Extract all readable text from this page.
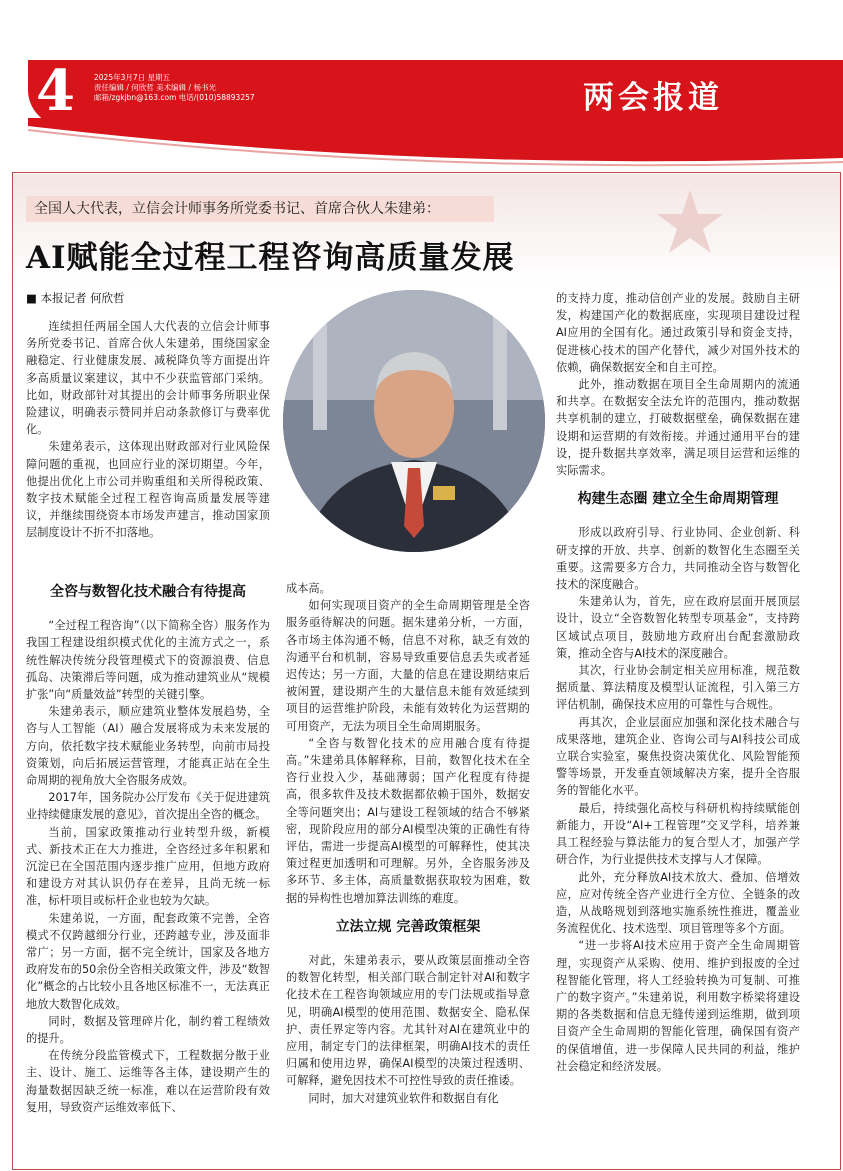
4	2025年3月7日 星期五
责任编辑 / 何欣哲 美术编辑 / 杨书光
邮箱/zgkjbn@163.com 电话/(010)58893257	两会报道
全国人大代表，立信会计师事务所党委书记、首席合伙人朱建弟：
AI赋能全过程工程咨询高质量发展
■ 本报记者 何欣哲

连续担任两届全国人大代表的立信会计师事务所党委书记、首席合伙人朱建弟，围绕国家金融稳定、行业健康发展、减税降负等方面提出许多高质量议案建议，其中不少获监管部门采纳。比如，财政部针对其提出的会计师事务所职业保险建议，明确表示赞同并启动条款修订与费率优化。

朱建弟表示，这体现出财政部对行业风险保障问题的重视，也回应行业的深切期望。今年，他提出优化上市公司并购重组和关所得税政策、数字技术赋能全过程工程咨询高质量发展等建议，并继续围绕资本市场发声建言，推动国家顶层制度设计不折不扣落地。

全咨与数智化技术融合有待提高

“全过程工程咨询”（以下简称全咨）服务作为我国工程建设组织模式优化的主流方式之一，系统性解决传统分段管理模式下的资源浪费、信息孤岛、决策滞后等问题，成为推动建筑业从“规模扩张”向“质量效益”转型的关键引擎。

朱建弟表示，顺应建筑业整体发展趋势，全咨与人工智能（AI）融合发展将成为未来发展的方向，依托数字技术赋能业务转型，向前市局投资策划，向后拓展运营管理，才能真正站在全生命周期的视角放大全咨服务成效。

2017年，国务院办公厅发布《关于促进建筑业持续健康发展的意见》，首次提出全咨的概念。

当前，国家政策推动行业转型升级，新模式、新技术正在大力推进，全咨经过多年积累和沉淀已在全国范围内逐步推广应用，但地方政府和建设方对其认识仍存在差异，且尚无统一标准，标杆项目或标杆企业也较为欠缺。

朱建弟说，一方面，配套政策不完善，全咨模式不仅跨越细分行业，还跨越专业，涉及面非常广；另一方面，据不完全统计，国家及各地方政府发布的50余份全咨相关政策文件，涉及“数智化”概念的占比较小且各地区标准不一，无法真正地放大数智化成效。

同时，数据及管理碎片化，制约着工程绩效的提升。

在传统分段监管模式下，工程数据分散于业主、设计、施工、运维等各主体，建设期产生的海量数据因缺乏统一标准，难以在运营阶段有效复用，导致资产运维效率低下、

成本高。

如何实现项目资产的全生命周期管理是全咨服务亟待解决的问题。据朱建弟分析，一方面，各市场主体沟通不畅，信息不对称，缺乏有效的沟通平台和机制，容易导致重要信息丢失或者延迟传达；另一方面，大量的信息在建设期结束后被闲置，建设期产生的大量信息未能有效延续到项目的运营维护阶段，未能有效转化为运营期的可用资产，无法为项目全生命周期服务。

“全咨与数智化技术的应用融合度有待提高。”朱建弟具体解释称，目前，数智化技术在全咨行业投入少，基础薄弱；国产化程度有待提高，很多软件及技术数据都依赖于国外，数据安全等问题突出；AI与建设工程领域的结合不够紧密，现阶段应用的部分AI模型决策的正确性有待评估，需进一步提高AI模型的可解释性，使其决策过程更加透明和可理解。另外，全咨服务涉及多环节、多主体，高质量数据获取较为困难，数据的异构性也增加算法训练的难度。

立法立规 完善政策框架

对此，朱建弟表示，要从政策层面推动全咨的数智化转型，相关部门联合制定针对AI和数字化技术在工程咨询领域应用的专门法规或指导意见，明确AI模型的使用范围、数据安全、隐私保护、责任界定等内容。尤其针对AI在建筑业中的应用，制定专门的法律框架，明确AI技术的责任归属和使用边界，确保AI模型的决策过程透明、可解释，避免因技术不可控性导致的责任推诿。

同时，加大对建筑业软件和数据自有化

的支持力度，推动信创产业的发展。鼓励自主研发，构建国产化的数据底座，实现项目建设过程AI应用的全国有化。通过政策引导和资金支持，促进核心技术的国产化替代，减少对国外技术的依赖，确保数据安全和自主可控。

此外，推动数据在项目全生命周期内的流通和共享。在数据安全法允许的范围内，推动数据共享机制的建立，打破数据壁垒，确保数据在建设期和运营期的有效衔接。并通过通用平台的建设，提升数据共享效率，满足项目运营和运维的实际需求。

构建生态圈 建立全生命周期管理

形成以政府引导、行业协同、企业创新、科研支撑的开放、共享、创新的数智化生态圈至关重要。这需要多方合力，共同推动全咨与数智化技术的深度融合。

朱建弟认为，首先，应在政府层面开展顶层设计，设立“全咨数智化转型专项基金”，支持跨区域试点项目，鼓励地方政府出台配套激励政策，推动全咨与AI技术的深度融合。

其次，行业协会制定相关应用标准，规范数据质量、算法精度及模型认证流程，引入第三方评估机制，确保技术应用的可靠性与合规性。

再其次，企业层面应加强和深化技术融合与成果落地，建筑企业、咨询公司与AI科技公司成立联合实验室，聚焦投资决策优化、风险智能预警等场景，开发垂直领域解决方案，提升全咨服务的智能化水平。

最后，持续强化高校与科研机构持续赋能创新能力，开设“AI+工程管理”交叉学科，培养兼具工程经验与算法能力的复合型人才，加强产学研合作，为行业提供技术支撑与人才保障。

此外，充分释放AI技术放大、叠加、倍增效应，应对传统全咨产业进行全方位、全链条的改造，从战略规划到落地实施系统性推进，覆盖业务流程优化、技术选型、项目管理等多个方面。

“进一步将AI技术应用于资产全生命周期管理，实现资产从采购、使用、维护到报废的全过程智能化管理，将人工经验转换为可复制、可推广的数字资产。”朱建弟说，利用数字桥梁将建设期的各类数据和信息无缝传递到运维期，做到项目资产全生命周期的智能化管理，确保国有资产的保值增值，进一步保障人民共同的利益，维护社会稳定和经济发展。
